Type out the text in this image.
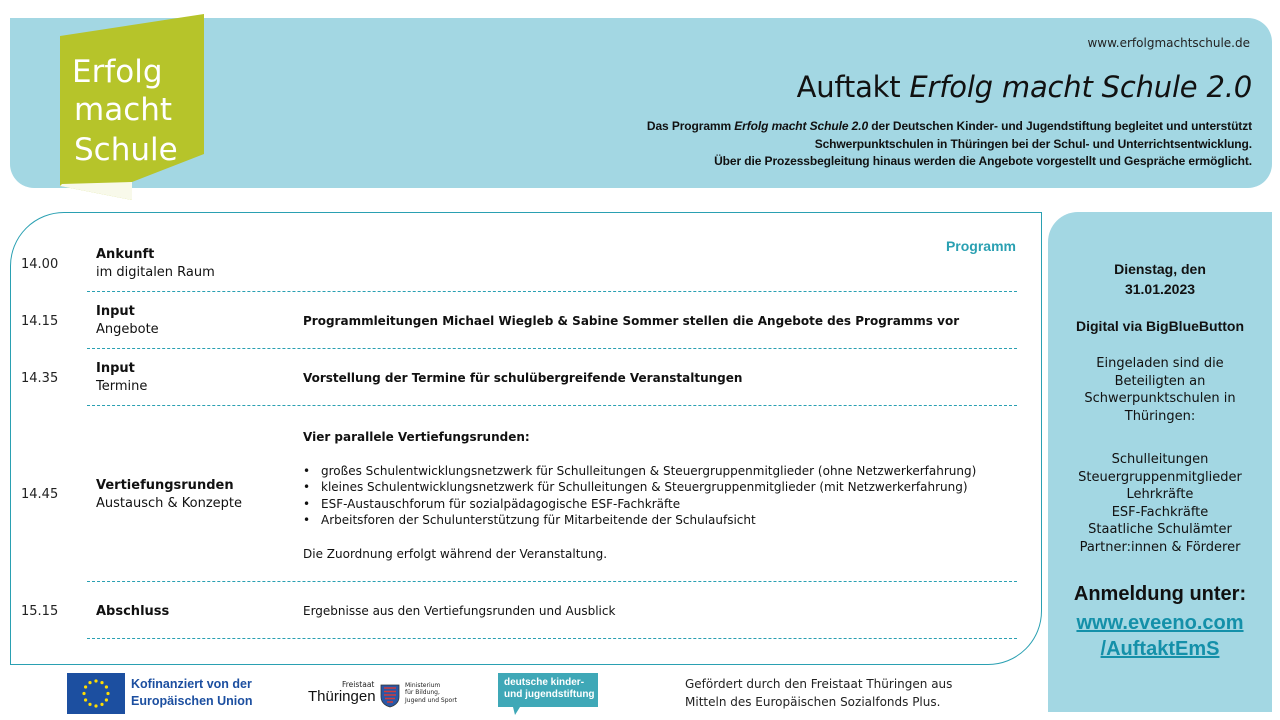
Erfolg
macht
Schule
www.erfolgmachtschule.de
Auftakt Erfolg macht Schule 2.0
Das Programm Erfolg macht Schule 2.0 der Deutschen Kinder- und Jugendstiftung begleitet und unterstützt
Schwerpunktschulen in Thüringen bei der Schul- und Unterrichtsentwicklung.
Über die Prozessbegleitung hinaus werden die Angebote vorgestellt und Gespräche ermöglicht.
Programm
14.00
Ankunft
im digitalen Raum
14.15
Input
Angebote
Programmleitungen Michael Wiegleb & Sabine Sommer stellen die Angebote des Programms vor
14.35
Input
Termine
Vorstellung der Termine für schulübergreifende Veranstaltungen
14.45
Vertiefungsrunden
Austausch & Konzepte
Vier parallele Vertiefungsrunden:
• großes Schulentwicklungsnetzwerk für Schulleitungen & Steuergruppenmitglieder (ohne Netzwerkerfahrung)
• kleines Schulentwicklungsnetzwerk für Schulleitungen & Steuergruppenmitglieder (mit Netzwerkerfahrung)
• ESF-Austauschforum für sozialpädagogische ESF-Fachkräfte
• Arbeitsforen der Schulunterstützung für Mitarbeitende der Schulaufsicht
Die Zuordnung erfolgt während der Veranstaltung.
15.15	Abschluss	Ergebnisse aus den Vertiefungsrunden und Ausblick
Dienstag, den
31.01.2023
Digital via BigBlueButton
Eingeladen sind die Beteiligten an Schwerpunktschulen in Thüringen:
Schulleitungen
Steuergruppenmitglieder
Lehrkräfte
ESF-Fachkräfte
Staatliche Schulämter
Partner:innen & Förderer
Anmeldung unter:
www.eveeno.com
/AuftaktEmS
Kofinanziert von der
Europäischen Union
Freistaat
Thüringen
Ministerium
für Bildung,
Jugend und Sport
deutsche kinder-
und jugendstiftung
Gefördert durch den Freistaat Thüringen aus
Mitteln des Europäischen Sozialfonds Plus.
